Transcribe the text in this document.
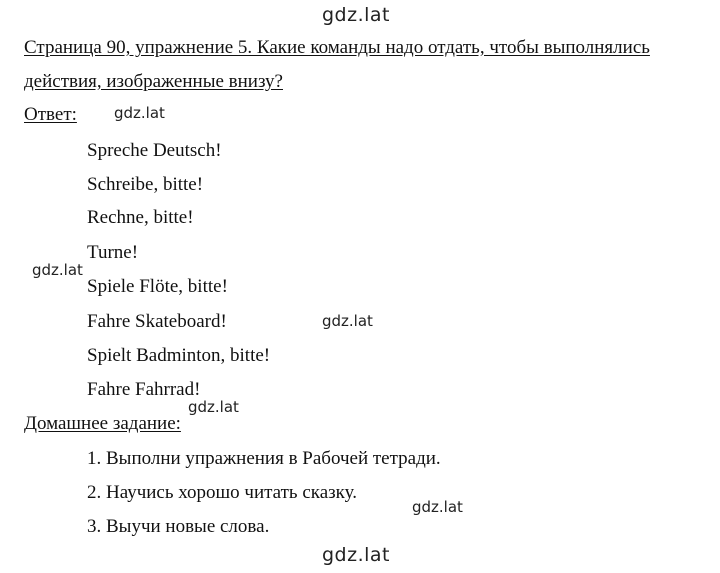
gdz.lat
gdz.lat
gdz.lat
gdz.lat
gdz.lat
gdz.lat
gdz.lat
Страница 90, упражнение 5. Какие команды надо отдать, чтобы выполнялись
действия, изображенные внизу?
Ответ:
Spreche Deutsch!
Schreibe, bitte!
Rechne, bitte!
Turne!
Spiele Flöte, bitte!
Fahre Skateboard!
Spielt Badminton, bitte!
Fahre Fahrrad!
Домашнее задание:
1. Выполни упражнения в Рабочей тетради.
2. Научись хорошо читать сказку.
3. Выучи новые слова.
